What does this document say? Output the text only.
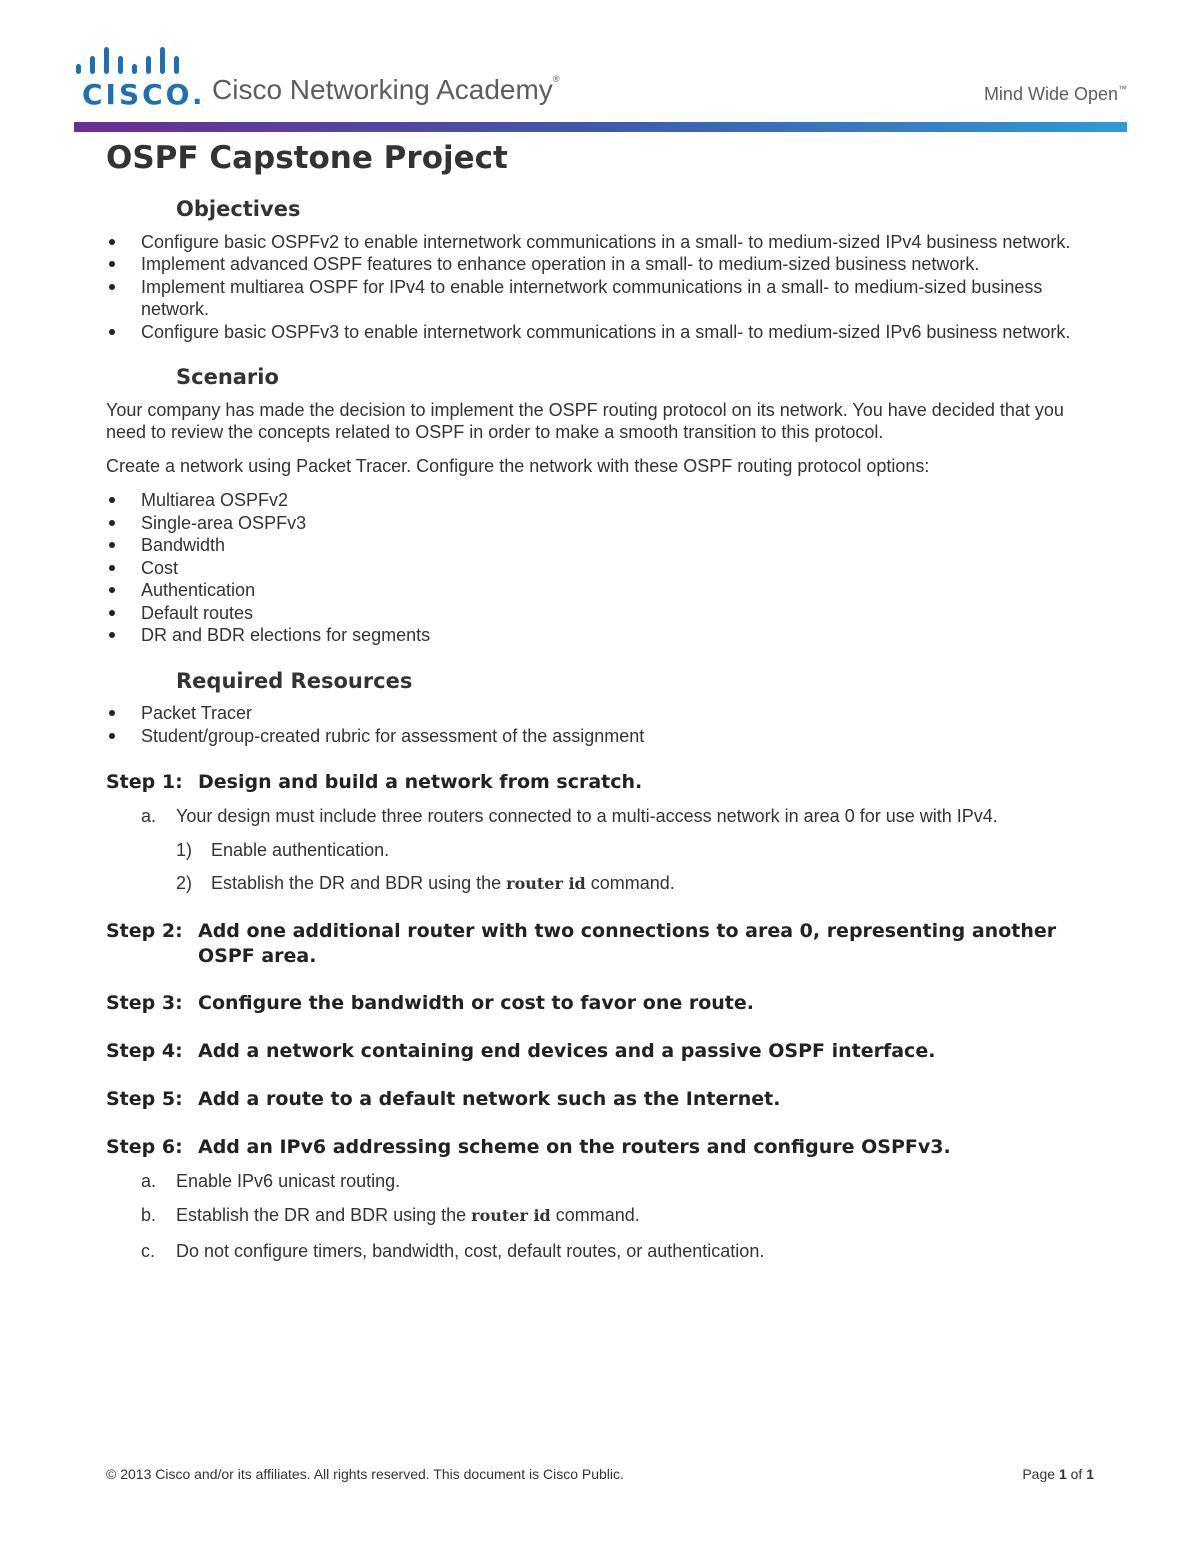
CISCO. Cisco Networking Academy®
Mind Wide Open™
OSPF Capstone Project
Objectives
Configure basic OSPFv2 to enable internetwork communications in a small- to medium-sized IPv4 business network.
Implement advanced OSPF features to enhance operation in a small- to medium-sized business network.
Implement multiarea OSPF for IPv4 to enable internetwork communications in a small- to medium-sized business network.
Configure basic OSPFv3 to enable internetwork communications in a small- to medium-sized IPv6 business network.
Scenario

Your company has made the decision to implement the OSPF routing protocol on its network. You have decided that you need to review the concepts related to OSPF in order to make a smooth transition to this protocol.

Create a network using Packet Tracer. Configure the network with these OSPF routing protocol options:

Multiarea OSPFv2
Single-area OSPFv3
Bandwidth
Cost
Authentication
Default routes
DR and BDR elections for segments
Required Resources
Packet Tracer
Student/group-created rubric for assessment of the assignment
Step 1: Design and build a network from scratch.
a.	Your design must include three routers connected to a multi-access network in area 0 for use with IPv4.
1)	Enable authentication.
2)	Establish the DR and BDR using the router id command.
Step 2: Add one additional router with two connections to area 0, representing another OSPF area.
Step 3: Configure the bandwidth or cost to favor one route.
Step 4: Add a network containing end devices and a passive OSPF interface.
Step 5: Add a route to a default network such as the Internet.
Step 6: Add an IPv6 addressing scheme on the routers and configure OSPFv3.
a.	Enable IPv6 unicast routing.
b.	Establish the DR and BDR using the router id command.
c.	Do not configure timers, bandwidth, cost, default routes, or authentication.
© 2013 Cisco and/or its affiliates. All rights reserved. This document is Cisco Public.	Page 1 of 1
